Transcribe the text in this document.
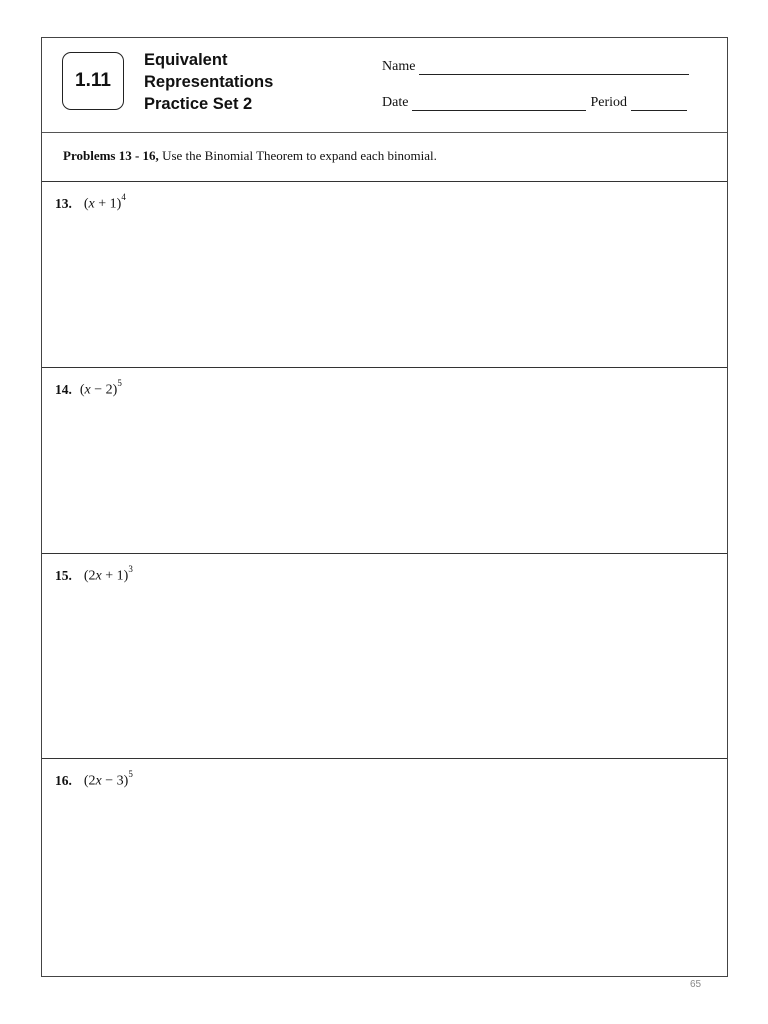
1.11
Equivalent
Representations
Practice Set 2
Name
Date	Period
Problems 13 - 16, Use the Binomial Theorem to expand each binomial.
13. $(x + 1)^4$
14. $(x - 2)^5$
15. $(2x + 1)^3$
16. $(2x - 3)^5$
65
